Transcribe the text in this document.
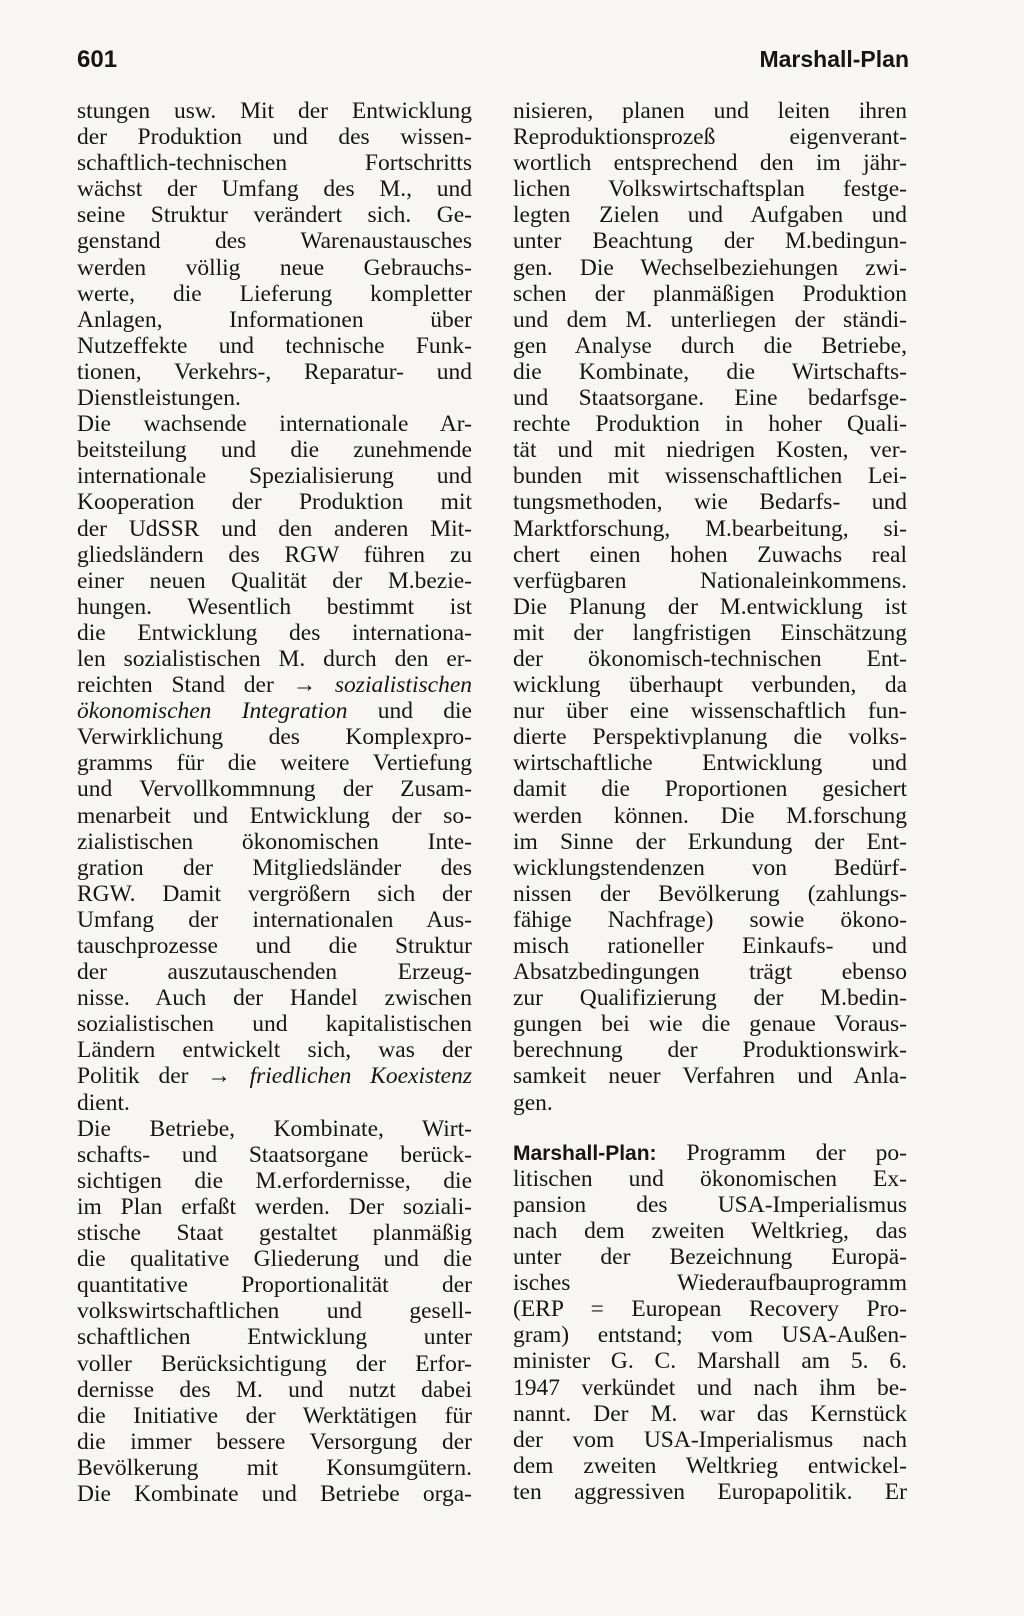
601	Marshall-Plan
stungen usw. Mit der Entwicklung
der Produktion und des wissen-
schaftlich-technischen Fortschritts
wächst der Umfang des M., und
seine Struktur verändert sich. Ge-
genstand des Warenaustausches
werden völlig neue Gebrauchs-
werte, die Lieferung kompletter
Anlagen, Informationen über
Nutzeffekte und technische Funk-
tionen, Verkehrs-, Reparatur- und
Dienstleistungen.
Die wachsende internationale Ar-
beitsteilung und die zunehmende
internationale Spezialisierung und
Kooperation der Produktion mit
der UdSSR und den anderen Mit-
gliedsländern des RGW führen zu
einer neuen Qualität der M.bezie-
hungen. Wesentlich bestimmt ist
die Entwicklung des internationa-
len sozialistischen M. durch den er-
reichten Stand der → sozialistischen
ökonomischen Integration und die
Verwirklichung des Komplexpro-
gramms für die weitere Vertiefung
und Vervollkommnung der Zusam-
menarbeit und Entwicklung der so-
zialistischen ökonomischen Inte-
gration der Mitgliedsländer des
RGW. Damit vergrößern sich der
Umfang der internationalen Aus-
tauschprozesse und die Struktur
der auszutauschenden Erzeug-
nisse. Auch der Handel zwischen
sozialistischen und kapitalistischen
Ländern entwickelt sich, was der
Politik der → friedlichen Koexistenz
dient.
Die Betriebe, Kombinate, Wirt-
schafts- und Staatsorgane berück-
sichtigen die M.erfordernisse, die
im Plan erfaßt werden. Der soziali-
stische Staat gestaltet planmäßig
die qualitative Gliederung und die
quantitative Proportionalität der
volkswirtschaftlichen und gesell-
schaftlichen Entwicklung unter
voller Berücksichtigung der Erfor-
dernisse des M. und nutzt dabei
die Initiative der Werktätigen für
die immer bessere Versorgung der
Bevölkerung mit Konsumgütern.
Die Kombinate und Betriebe orga-
nisieren, planen und leiten ihren
Reproduktionsprozeß eigenverant-
wortlich entsprechend den im jähr-
lichen Volkswirtschaftsplan festge-
legten Zielen und Aufgaben und
unter Beachtung der M.bedingun-
gen. Die Wechselbeziehungen zwi-
schen der planmäßigen Produktion
und dem M. unterliegen der ständi-
gen Analyse durch die Betriebe,
die Kombinate, die Wirtschafts-
und Staatsorgane. Eine bedarfsge-
rechte Produktion in hoher Quali-
tät und mit niedrigen Kosten, ver-
bunden mit wissenschaftlichen Lei-
tungsmethoden, wie Bedarfs- und
Marktforschung, M.bearbeitung, si-
chert einen hohen Zuwachs real
verfügbaren Nationaleinkommens.
Die Planung der M.entwicklung ist
mit der langfristigen Einschätzung
der ökonomisch-technischen Ent-
wicklung überhaupt verbunden, da
nur über eine wissenschaftlich fun-
dierte Perspektivplanung die volks-
wirtschaftliche Entwicklung und
damit die Proportionen gesichert
werden können. Die M.forschung
im Sinne der Erkundung der Ent-
wicklungstendenzen von Bedürf-
nissen der Bevölkerung (zahlungs-
fähige Nachfrage) sowie ökono-
misch rationeller Einkaufs- und
Absatzbedingungen trägt ebenso
zur Qualifizierung der M.bedin-
gungen bei wie die genaue Voraus-
berechnung der Produktionswirk-
samkeit neuer Verfahren und Anla-
gen.
Marshall-Plan: Programm der po-
litischen und ökonomischen Ex-
pansion des USA-Imperialismus
nach dem zweiten Weltkrieg, das
unter der Bezeichnung Europä-
isches Wiederaufbauprogramm
(ERP = European Recovery Pro-
gram) entstand; vom USA-Außen-
minister G. C. Marshall am 5. 6.
1947 verkündet und nach ihm be-
nannt. Der M. war das Kernstück
der vom USA-Imperialismus nach
dem zweiten Weltkrieg entwickel-
ten aggressiven Europapolitik. Er
